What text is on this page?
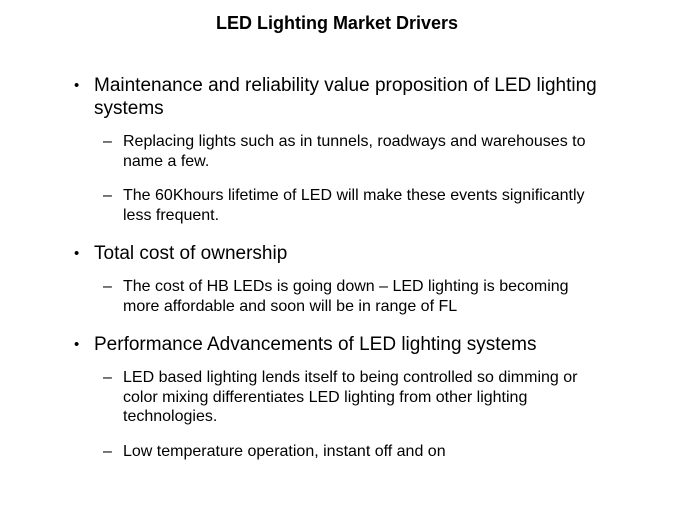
LED Lighting Market Drivers
• Maintenance and reliability value proposition of LED lighting systems
– Replacing lights such as in tunnels, roadways and warehouses to name a few.
– The 60Khours lifetime of LED will make these events significantly less frequent.
• Total cost of ownership
– The cost of HB LEDs is going down – LED lighting is becoming more affordable and soon will be in range of FL
• Performance Advancements of LED lighting systems
– LED based lighting lends itself to being controlled so dimming or color mixing differentiates LED lighting from other lighting technologies.
– Low temperature operation, instant off and on
